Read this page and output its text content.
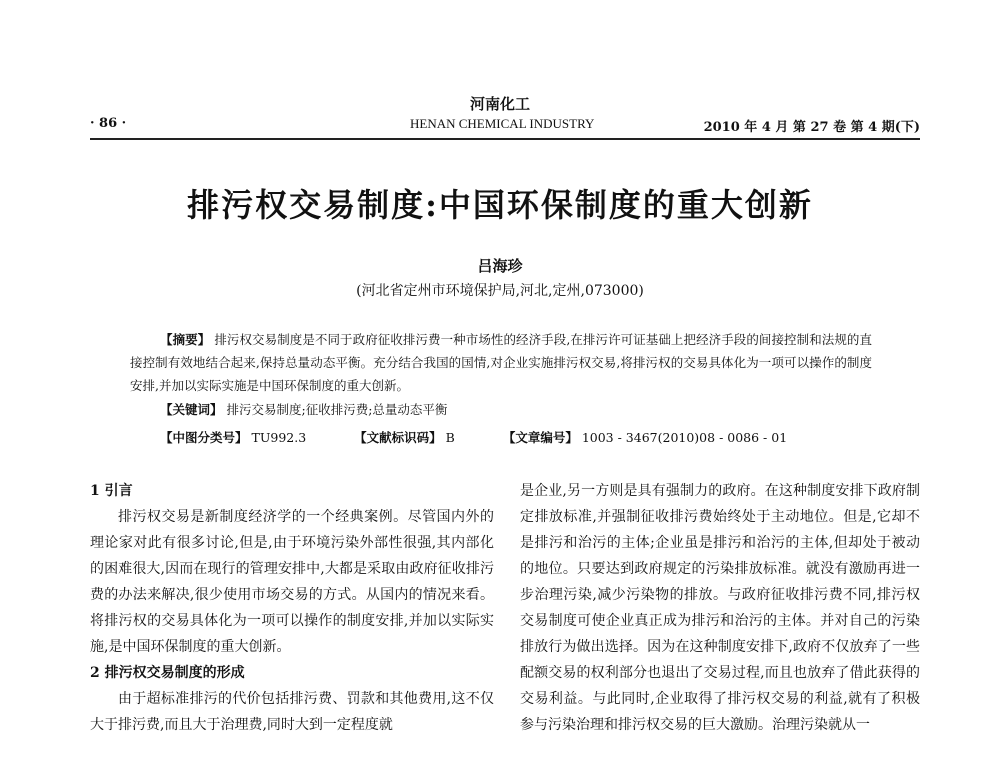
河南化工
· 86 ·	HENAN CHEMICAL INDUSTRY	2010 年 4 月 第 27 卷 第 4 期(下)
排污权交易制度:中国环保制度的重大创新
吕海珍
(河北省定州市环境保护局,河北,定州,073000)
【摘要】 排污权交易制度是不同于政府征收排污费一种市场性的经济手段,在排污许可证基础上把经济手段的间接控制和法规的直接控制有效地结合起来,保持总量动态平衡。充分结合我国的国情,对企业实施排污权交易,将排污权的交易具体化为一项可以操作的制度安排,并加以实际实施是中国环保制度的重大创新。
【关键词】 排污交易制度;征收排污费;总量动态平衡
【中图分类号】 TU992.3	【文献标识码】 B	【文章编号】 1003 - 3467(2010)08 - 0086 - 01
1 引言
排污权交易是新制度经济学的一个经典案例。尽管国内外的理论家对此有很多讨论,但是,由于环境污染外部性很强,其内部化的困难很大,因而在现行的管理安排中,大都是采取由政府征收排污费的办法来解决,很少使用市场交易的方式。从国内的情况来看。将排污权的交易具体化为一项可以操作的制度安排,并加以实际实施,是中国环保制度的重大创新。
2 排污权交易制度的形成
由于超标准排污的代价包括排污费、罚款和其他费用,这不仅大于排污费,而且大于治理费,同时大到一定程度就
是企业,另一方则是具有强制力的政府。在这种制度安排下政府制定排放标准,并强制征收排污费始终处于主动地位。但是,它却不是排污和治污的主体;企业虽是排污和治污的主体,但却处于被动的地位。只要达到政府规定的污染排放标准。就没有激励再进一步治理污染,减少污染物的排放。与政府征收排污费不同,排污权交易制度可使企业真正成为排污和治污的主体。并对自己的污染排放行为做出选择。因为在这种制度安排下,政府不仅放弃了一些配额交易的权利部分也退出了交易过程,而且也放弃了借此获得的交易利益。与此同时,企业取得了排污权交易的利益,就有了积极参与污染治理和排污权交易的巨大激励。治理污染就从一
